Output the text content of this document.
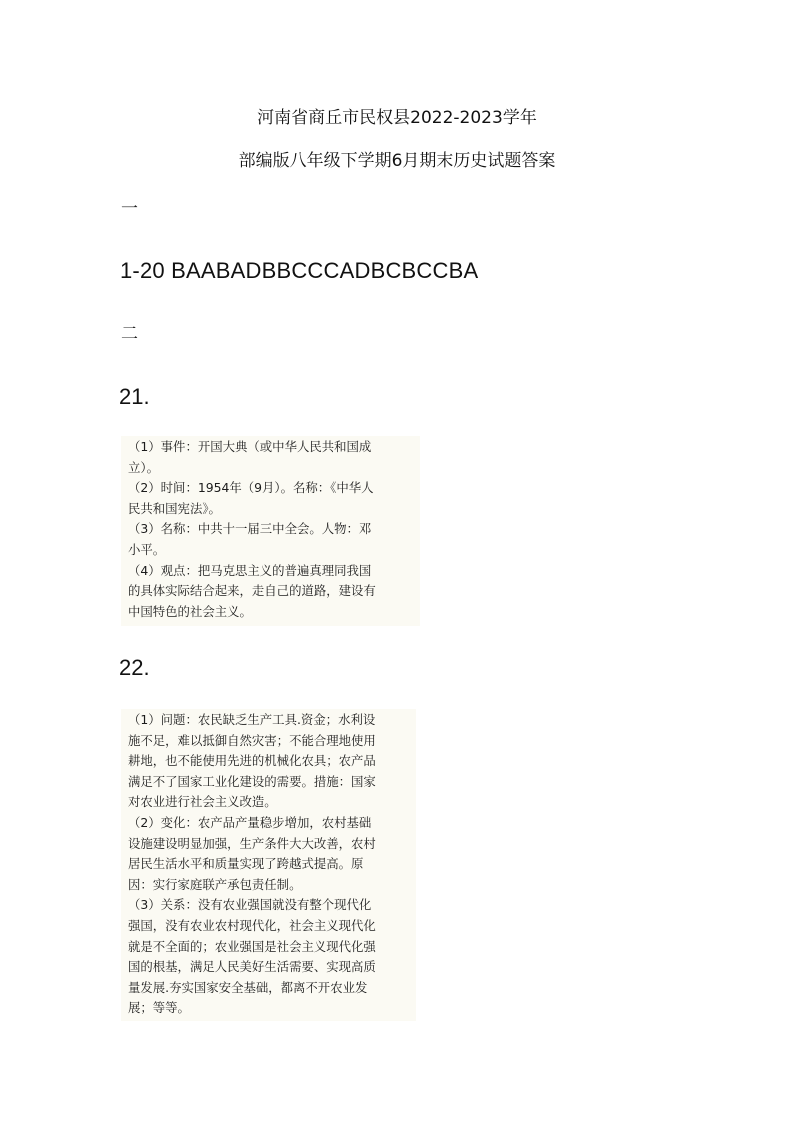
河南省商丘市民权县2022-2023学年
部编版八年级下学期6月期末历史试题答案
一
1-20 BAABADBBCCCADBCBCCBA
二
21.
（1）事件：开国大典（或中华人民共和国成
立）。
（2）时间：1954年（9月）。名称：《中华人
民共和国宪法》。
（3）名称：中共十一届三中全会。人物：邓
小平。
（4）观点：把马克思主义的普遍真理同我国
的具体实际结合起来，走自己的道路，建设有
中国特色的社会主义。
22.
（1）问题：农民缺乏生产工具.资金；水利设
施不足，难以抵御自然灾害；不能合理地使用
耕地，也不能使用先进的机械化农具；农产品
满足不了国家工业化建设的需要。措施：国家
对农业进行社会主义改造。
（2）变化：农产品产量稳步增加，农村基础
设施建设明显加强，生产条件大大改善，农村
居民生活水平和质量实现了跨越式提高。原
因：实行家庭联产承包责任制。
（3）关系：没有农业强国就没有整个现代化
强国，没有农业农村现代化，社会主义现代化
就是不全面的；农业强国是社会主义现代化强
国的根基，满足人民美好生活需要、实现高质
量发展.夯实国家安全基础，都离不开农业发
展；等等。
